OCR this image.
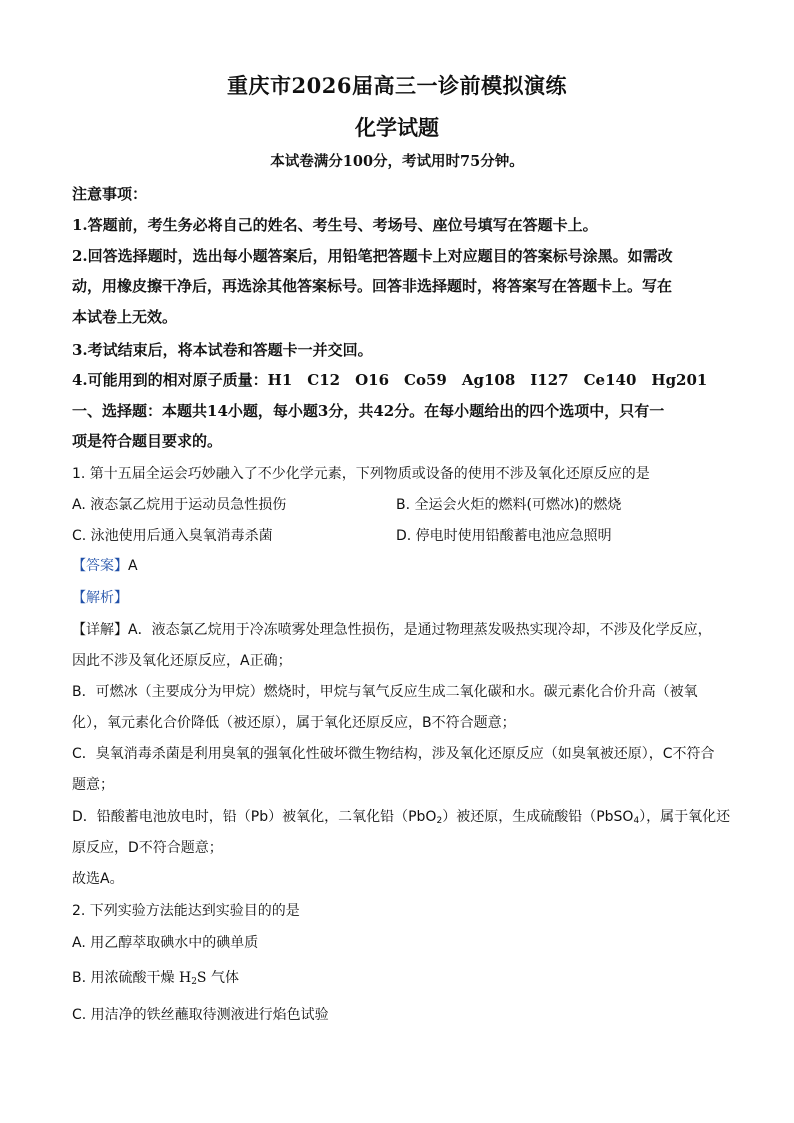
重庆市2026届高三一诊前模拟演练
化学试题
本试卷满分100分，考试用时75分钟。
注意事项：
1.答题前，考生务必将自己的姓名、考生号、考场号、座位号填写在答题卡上。
2.回答选择题时，选出每小题答案后，用铅笔把答题卡上对应题目的答案标号涂黑。如需改
动，用橡皮擦干净后，再选涂其他答案标号。回答非选择题时，将答案写在答题卡上。写在
本试卷上无效。
3.考试结束后，将本试卷和答题卡一并交回。
4.可能用到的相对原子质量：H1　C12　O16　Co59　Ag108　I127　Ce140　Hg201
一、选择题：本题共14小题，每小题3分，共42分。在每小题给出的四个选项中，只有一
项是符合题目要求的。
1. 第十五届全运会巧妙融入了不少化学元素，下列物质或设备的使用不涉及氧化还原反应的是
A. 液态氯乙烷用于运动员急性损伤	B. 全运会火炬的燃料(可燃冰)的燃烧
C. 泳池使用后通入臭氧消毒杀菌	D. 停电时使用铅酸蓄电池应急照明
【答案】A
【解析】
【详解】A．液态氯乙烷用于冷冻喷雾处理急性损伤，是通过物理蒸发吸热实现冷却，不涉及化学反应，
因此不涉及氧化还原反应，A正确；
B．可燃冰（主要成分为甲烷）燃烧时，甲烷与氧气反应生成二氧化碳和水。碳元素化合价升高（被氧
化），氧元素化合价降低（被还原），属于氧化还原反应，B不符合题意；
C．臭氧消毒杀菌是利用臭氧的强氧化性破坏微生物结构，涉及氧化还原反应（如臭氧被还原），C不符合
题意；
D．铅酸蓄电池放电时，铅（Pb）被氧化，二氧化铅（PbO$_2$）被还原，生成硫酸铅（PbSO$_4$），属于氧化还
原反应，D不符合题意；
故选A。
2. 下列实验方法能达到实验目的的是
A. 用乙醇萃取碘水中的碘单质
B. 用浓硫酸干燥 $H_2S$ 气体
C. 用洁净的铁丝蘸取待测液进行焰色试验
